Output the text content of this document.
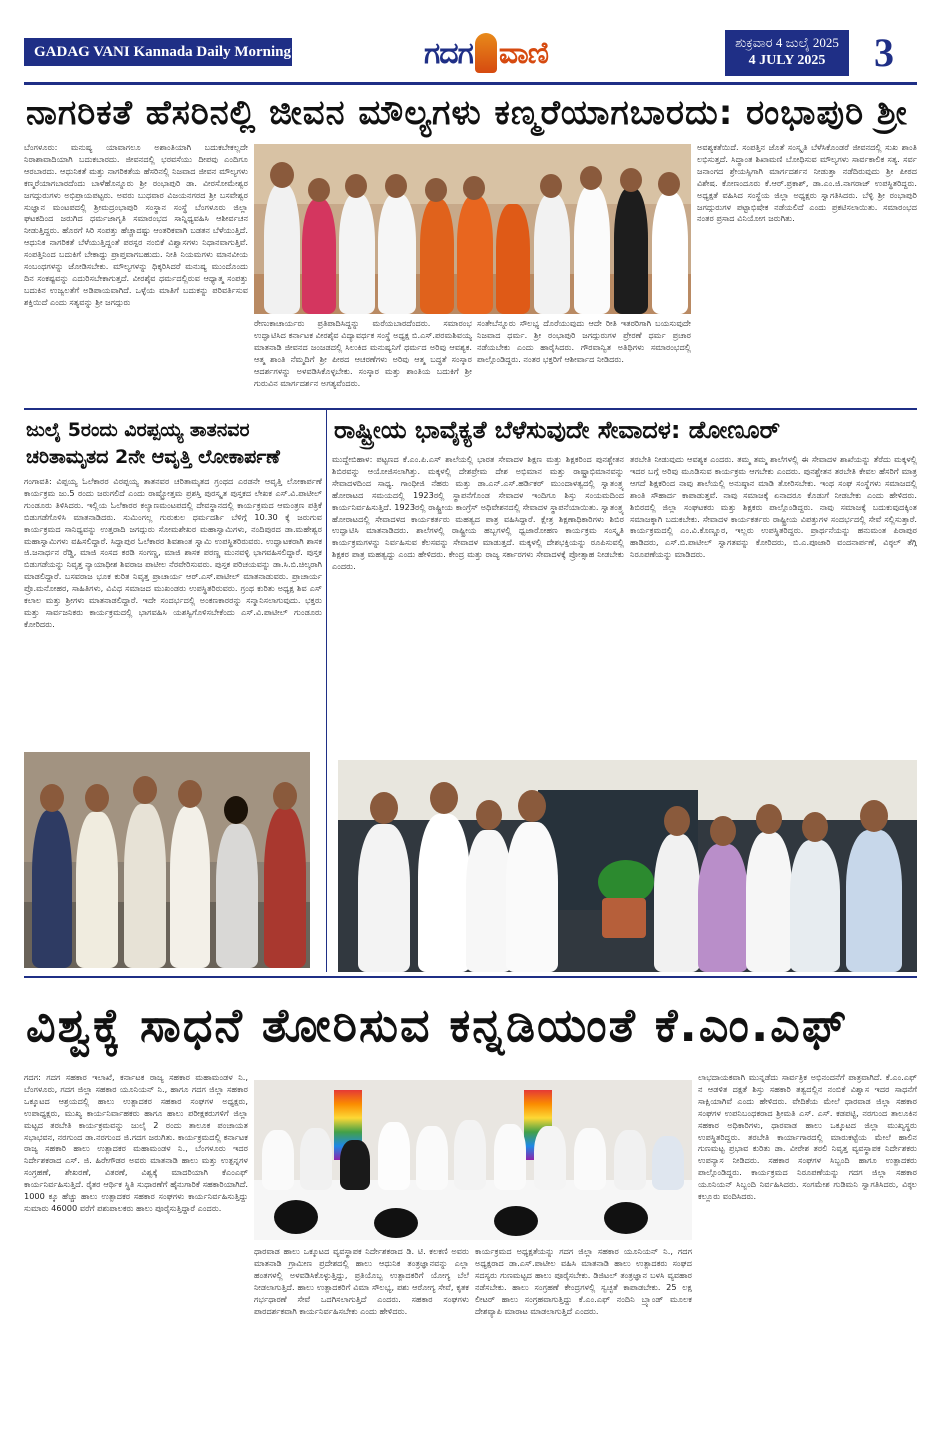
GADAG VANI Kannada Daily Morning	ಗದಗ ವಾಣಿ	ಶುಕ್ರವಾರ 4 ಜುಲೈ 2025
4 JULY 2025	3
ನಾಗರಿಕತೆ ಹೆಸರಿನಲ್ಲಿ ಜೀವನ ಮೌಲ್ಯಗಳು ಕಣ್ಮರೆಯಾಗಬಾರದು: ರಂಭಾಪುರಿ ಶ್ರೀ
ಬೆಂಗಳೂರು: ಮನುಷ್ಯ ಯಾವಾಗಲೂ ಅಶಾಂತಿಯಾಗಿ ಬದುಕಬೇಕಲ್ಲದೇ ನಿರಾಶಾವಾದಿಯಾಗಿ ಬದುಕಬಾರದು. ಜೀವನದಲ್ಲಿ ಭರವಸೆಯು ದೀಪವು ಎಂದಿಗೂ ಆರಬಾರದು. ಆಧುನಿಕತೆ ಮತ್ತು ನಾಗರಿಕತೆಯ ಹೆಸರಿನಲ್ಲಿ ನಿಜವಾದ ಜೀವನ ಮೌಲ್ಯಗಳು ಕಣ್ಮರೆಯಾಗಬಾರದೆಂದು ಬಾಳೆಹೊನ್ನೂರು ಶ್ರೀ ರಂಭಾಪುರಿ ಡಾ. ವೀರಸೋಮೇಶ್ವರ ಜಗದ್ಗುರುಗಳು ಅಭಿಪ್ರಾಯಪಟ್ಟರು. ಅವರು ಬುಧವಾರ ವಿಜಯನಗರದ ಶ್ರೀ ಬಸವೇಶ್ವರ ಸುಜ್ಞಾನ ಮಂಟಪದಲ್ಲಿ ಶ್ರೀಮದ್ರಂಭಾಪುರಿ ಸಂಸ್ಥಾನ ಸಂಸ್ಥೆ ಬೆಂಗಳೂರು ಜಿಲ್ಲಾ ಘಟಕದಿಂದ ಜರುಗಿದ ಧರ್ಮಜಾಗೃತಿ ಸಮಾರಂಭದ ಸಾನ್ನಿಧ್ಯವಹಿಸಿ ಆಶೀರ್ವಚನ ನೀಡುತ್ತಿದ್ದರು. ಹೊರಗೆ ಸಿರಿ ಸಂಪತ್ತು ಹೆಚ್ಚಾದಷ್ಟು ಆಂತರಿಕವಾಗಿ ಬಡತನ ಬೆಳೆಯುತ್ತಿದೆ. ಆಧುನಿಕ ನಾಗರಿಕತೆ ಬೆಳೆಯುತ್ತಿದ್ದಂತೆ ಪರಸ್ಪರ ನಂಬಿಕೆ ವಿಶ್ವಾಸಗಳು ನಿಧಾನವಾಗುತ್ತಿವೆ. ಸಂಪತ್ತಿನಿಂದ ಬದುಕಿಗೆ ಬೇಕಾದ್ದು ಪ್ರಾಪ್ತವಾಗಬಹುದು. ನೀತಿ ನಿಯಮಗಳು ಮಾನವೀಯ ಸಂಬಂಧಗಳನ್ನು ಜೋಡಿಸಬೇಕು. ಮೌಲ್ಯಗಳನ್ನು ಧಿಕ್ಕರಿಸಿದರೆ ಮನುಷ್ಯ ಮುಂದೊಂದು ದಿನ ಸಂಕಷ್ಟವನ್ನು ಎದುರಿಸಬೇಕಾಗುತ್ತದೆ. ವೀರಶೈವ ಧರ್ಮದಲ್ಲಿರುವ ಆಧ್ಯಾತ್ಮ ಸಂಪತ್ತು ಬದುಕಿನ ಉಜ್ವಲತೆಗೆ ಅಡಿಪಾಯವಾಗಿದೆ. ಒಳ್ಳೆಯ ಮಾತಿಗೆ ಬದುಕನ್ನು ಪರಿವರ್ತಿಸುವ ಶಕ್ತಿಯಿದೆ ಎಂದು ಸತ್ಯವನ್ನು ಶ್ರೀ ಜಗದ್ಗುರು
ರೇಣುಕಾಚಾರ್ಯರು ಪ್ರತಿಪಾದಿಸಿದ್ದನ್ನು ಮರೆಯಬಾರದೆಂದರು. ಸಮಾರಂಭ ಉದ್ಘಾಟಿಸಿದ ಕರ್ನಾಟಕ ವೀರಶೈವ ವಿದ್ಯಾವರ್ಧಕ ಸಂಸ್ಥೆ ಅಧ್ಯಕ್ಷ ಬಿ.ಎಸ್.ಪರಮಶಿವಯ್ಯ ಮಾತನಾಡಿ ಜೀವನದ ಜಂಜಡದಲ್ಲಿ ಸಿಲುಕಿದ ಮನುಷ್ಯನಿಗೆ ಧರ್ಮದ ಅರಿವು ಆವಶ್ಯಕ. ಆತ್ಮ ಶಾಂತಿ ನೆಮ್ಮದಿಗೆ ಶ್ರೀ ಪೀಠದ ಆಚರಣೆಗಳು ಅರಿವು ಆತ್ಮ ಬದ್ಧತೆ ಸಂಸ್ಕಾರ ಆದರ್ಶಗಳನ್ನು ಅಳವಡಿಸಿಕೊಳ್ಳಬೇಕು. ಸಂಸ್ಕಾರ ಮತ್ತು ಶಾಂತಿಯ ಬದುಕಿಗೆ ಶ್ರೀ ಗುರುವಿನ ಮಾರ್ಗದರ್ಶನ ಅಗತ್ಯವೆಂದರು.
ಸಂತೇಬೆನ್ನೂರು ಸೌಲಭ್ಯ ದೊರೆಯುವುದು ಆದೇ ರೀತಿ ಇತರರಿಗಾಗಿ ಬಯಸುವುದೇ ನಿಜವಾದ ಧರ್ಮ. ಶ್ರೀ ರಂಭಾಪುರಿ ಜಗದ್ಗುರುಗಳ ಪ್ರೇರಣೆ ಧರ್ಮ ಪ್ರಚಾರ ನಡೆಯಬೇಕು ಎಂದು ಹಾರೈಸಿದರು. ಗೌರವಾನ್ವಿತ ಅತಿಥಿಗಳು ಸಮಾರಂಭದಲ್ಲಿ ಪಾಲ್ಗೊಂಡಿದ್ದರು. ನಂತರ ಭಕ್ತರಿಗೆ ಆಶೀರ್ವಾದ ನೀಡಿದರು.
ಅವಶ್ಯಕತೆಯಿದೆ. ಸಂಪತ್ತಿನ ಜೊತೆ ಸಂಸ್ಕೃತಿ ಬೆಳೆಸಿಕೊಂಡರೆ ಜೀವನದಲ್ಲಿ ಸುಖ ಶಾಂತಿ ಲಭಿಸುತ್ತದೆ. ಸಿದ್ಧಾಂತ ಶಿಖಾಮಣಿ ಬೋಧಿಸುವ ಮೌಲ್ಯಗಳು ಸಾರ್ವಕಾಲಿಕ ಸತ್ಯ. ಸರ್ವ ಜನಾಂಗದ ಶ್ರೇಯಸ್ಸಿಗಾಗಿ ಮಾರ್ಗದರ್ಶನ ನೀಡುತ್ತಾ ನಡೆದಿರುವುದು ಶ್ರೀ ಪೀಠದ ವಿಶೇಷ. ಕೋಣಂದೂರು ಕೆ.ಆರ್.ಪ್ರಕಾಶ್, ಡಾ.ಎಂ.ಜಿ.ನಾಗರಾಜ್ ಉಪಸ್ಥಿತರಿದ್ದರು. ಅಧ್ಯಕ್ಷತೆ ವಹಿಸಿದ ಸಂಸ್ಥೆಯ ಜಿಲ್ಲಾ ಅಧ್ಯಕ್ಷರು ಸ್ವಾಗತಿಸಿದರು. ಬೆಳ್ಳಿ ಶ್ರೀ ರಂಭಾಪುರಿ ಜಗದ್ಗುರುಗಳ ಪಟ್ಟಾಭಿಷೇಕ ನಡೆಯಲಿದೆ ಎಂದು ಪ್ರಕಟಿಸಲಾಯಿತು. ಸಮಾರಂಭದ ನಂತರ ಪ್ರಸಾದ ವಿನಿಯೋಗ ಜರುಗಿತು.
ಜುಲೈ 5ರಂದು ವಿರಪ್ಪಯ್ಯ ತಾತನವರ
ಚರಿತಾಮೃತದ 2ನೇ ಆವೃತ್ತಿ ಲೋಕಾರ್ಪಣೆ
ಗಂಗಾವತಿ: ವಿಪ್ಪಯ್ಯ ಓಲೆಕಾರರ ವಿರಪ್ಪಯ್ಯ ತಾತನವರ ಚರಿತಾಮೃತದ ಗ್ರಂಥದ ಎರಡನೇ ಆವೃತ್ತಿ ಲೋಕಾರ್ಪಣೆ ಕಾರ್ಯಕ್ರಮ ಜು.5 ರಂದು ಜರುಗಲಿದೆ ಎಂದು ರಾಷ್ಟ್ರೋತ್ತಮ ಪ್ರಶಸ್ತಿ ಪುರಸ್ಕೃತ ಪುಸ್ತಕದ ಲೇಖಕ ಎಸ್.ವಿ.ಪಾಟೀಲ್ ಗುಂಡೂರು ತಿಳಿಸಿದರು. ಇಲ್ಲಿಯ ಓಲೆಕಾರರ ಕಲ್ಯಾಣಮಂಟಪದಲ್ಲಿ ದೇವಸ್ಥಾನದಲ್ಲಿ ಕಾರ್ಯಕ್ರಮದ ಆಮಂತ್ರಣ ಪತ್ರಿಕೆ ಬಿಡುಗಡೆಗೊಳಿಸಿ ಮಾತನಾಡಿದರು. ಸುಮಿಂಗಲ್ಲ ಗುರುಕುಲ ಧರ್ಮದರ್ಶಿ ಬೆಳಿಗ್ಗೆ 10.30 ಕ್ಕೆ ಜರುಗುವ ಕಾರ್ಯಕ್ರಮದ ಸಾನಿಧ್ಯವನ್ನು ಉತ್ತರಾದಿ ಜಗದ್ಗುರು ಸೋಮಶೇಖರ ಮಹಾಸ್ವಾಮಿಗಳು, ನಂದಿಪುರದ ಡಾ.ಮಹೇಶ್ವರ ಮಹಾಸ್ವಾಮಿಗಳು ವಹಿಸಲಿದ್ದಾರೆ. ಸಿದ್ದಾಪುರ ಓಲೆಕಾರರ ಶಿವಶಾಂತ ಸ್ವಾಮಿ ಉಪಸ್ಥಿತರಿರುವರು. ಉದ್ಘಾಟಕರಾಗಿ ಶಾಸಕ ಜಿ.ಜನಾರ್ಧನ ರೆಡ್ಡಿ, ಮಾಜಿ ಸಂಸದ ಕರಡಿ ಸಂಗಣ್ಣ, ಮಾಜಿ ಶಾಸಕ ಪರಣ್ಣ ಮುನವಳ್ಳಿ ಭಾಗವಹಿಸಲಿದ್ದಾರೆ. ಪುಸ್ತಕ ಬಿಡುಗಡೆಯನ್ನು ನಿವೃತ್ತ ನ್ಯಾಯಾಧೀಶ ಶಿವರಾಜ ಪಾಟೀಲ ನೆರವೇರಿಸುವರು. ಪುಸ್ತಕ ಪರಿಚಯವನ್ನು ಡಾ.ಸಿ.ಬಿ.ಚಿಲ್ಕರಾಗಿ ಮಾಡಲಿದ್ದಾರೆ. ಬಸವರಾಜ ಭೂಕ ಕುರಿತ ನಿವೃತ್ತ ಪ್ರಾಚಾರ್ಯ ಆರ್.ಎಸ್.ಪಾಟೀಲ್ ಮಾತನಾಡುವರು. ಪ್ರಾಚಾರ್ಯ ಪ್ರೊ.ಮನೋಹರ, ಸಾಹಿತಿಗಳು, ವಿವಿಧ ಸಮಾಜದ ಮುಖಂಡರು ಉಪಸ್ಥಿತರಿರುವರು. ಗ್ರಂಥ ಕುರಿತು ಅಧ್ಯಕ್ಷ ಶಿವ ಎಸ್ ಕಲಾಲ ಮತ್ತು ಶ್ರೀಗಳು ಮಾತನಾಡಲಿದ್ದಾರೆ. ಇದೇ ಸಂದರ್ಭದಲ್ಲಿ ಅಂಕಣಕಾರರನ್ನು ಸನ್ಮಾನಿಸಲಾಗುವುದು. ಭಕ್ತರು ಮತ್ತು ಸಾರ್ವಜನಿಕರು ಕಾರ್ಯಕ್ರಮದಲ್ಲಿ ಭಾಗವಹಿಸಿ ಯಶಸ್ವಿಗೊಳಿಸಬೇಕೆಂದು ಎಸ್.ವಿ.ಪಾಟೀಲ್ ಗುಂಡೂರು ಕೋರಿದರು.
ರಾಷ್ಟ್ರೀಯ ಭಾವೈಕ್ಯತೆ ಬೆಳೆಸುವುದೇ ಸೇವಾದಳ: ಡೋಣೂರ್
ಮುದ್ದೇಬಿಹಾಳ: ಪಟ್ಟಣದ ಕೆ.ಎಂ.ಪಿ.ಎಸ್ ಶಾಲೆಯಲ್ಲಿ ಭಾರತ ಸೇವಾದಳ ಶಿಕ್ಷಣ ಮತ್ತು ಶಿಕ್ಷಕರಿಂದ ಪುನಶ್ಚೇತನ ಶಿಬಿರವನ್ನು ಆಯೋಜಿಸಲಾಗಿತ್ತು. ಮಕ್ಕಳಲ್ಲಿ ದೇಶಪ್ರೇಮ ದೇಶ ಅಭಿಮಾನ ಮತ್ತು ರಾಷ್ಟ್ರಾಭಿಮಾನವನ್ನು ಸೇವಾದಳದಿಂದ ಸಾಧ್ಯ. ಗಾಂಧೀಜಿ ನೆಹರು ಮತ್ತು ಡಾ.ಎನ್.ಎಸ್.ಹರ್ಡಿಕರ್ ಮುಂದಾಳತ್ವದಲ್ಲಿ ಸ್ವಾತಂತ್ರ್ಯ ಹೋರಾಟದ ಸಮಯದಲ್ಲಿ 1923ರಲ್ಲಿ ಸ್ಥಾಪನೆಗೊಂಡ ಸೇವಾದಳ ಇಂದಿಗೂ ಶಿಸ್ತು ಸಂಯಮದಿಂದ ಕಾರ್ಯನಿರ್ವಹಿಸುತ್ತಿದೆ. 1923ರಲ್ಲಿ ರಾಷ್ಟ್ರೀಯ ಕಾಂಗ್ರೆಸ್ ಅಧಿವೇಶನದಲ್ಲಿ ಸೇವಾದಳ ಸ್ಥಾಪನೆಯಾಯಿತು. ಸ್ವಾತಂತ್ರ್ಯ ಹೋರಾಟದಲ್ಲಿ ಸೇವಾದಳದ ಕಾರ್ಯಕರ್ತರು ಮಹತ್ವದ ಪಾತ್ರ ವಹಿಸಿದ್ದಾರೆ. ಕ್ಷೇತ್ರ ಶಿಕ್ಷಣಾಧಿಕಾರಿಗಳು ಶಿಬಿರ ಉದ್ಘಾಟಿಸಿ ಮಾತನಾಡಿದರು. ಶಾಲೆಗಳಲ್ಲಿ ರಾಷ್ಟ್ರೀಯ ಹಬ್ಬಗಳಲ್ಲಿ ಧ್ವಜಾರೋಹಣ ಕಾರ್ಯಕ್ರಮ ಸಂಸ್ಕೃತಿ ಕಾರ್ಯಕ್ರಮಗಳನ್ನು ನಿರ್ವಹಿಸುವ ಕೆಲಸವನ್ನು ಸೇವಾದಳ ಮಾಡುತ್ತದೆ. ಮಕ್ಕಳಲ್ಲಿ ದೇಶಭಕ್ತಿಯನ್ನು ರೂಪಿಸುವಲ್ಲಿ ಶಿಕ್ಷಕರ ಪಾತ್ರ ಮಹತ್ವದ್ದು ಎಂದು ಹೇಳಿದರು. ಕೇಂದ್ರ ಮತ್ತು ರಾಜ್ಯ ಸರ್ಕಾರಗಳು ಸೇವಾದಳಕ್ಕೆ ಪ್ರೋತ್ಸಾಹ ನೀಡಬೇಕು ಎಂದರು.
ತರಬೇತಿ ನೀಡುವುದು ಆವಶ್ಯಕ ಎಂದರು. ತಮ್ಮ ತಮ್ಮ ಶಾಲೆಗಳಲ್ಲಿ ಈ ಸೇವಾದಳ ಶಾಖೆಯನ್ನು ತೆರೆದು ಮಕ್ಕಳಲ್ಲಿ ಇದರ ಬಗ್ಗೆ ಅರಿವು ಮೂಡಿಸುವ ಕಾರ್ಯಕ್ರಮ ಆಗಬೇಕು ಎಂದರು. ಪುನಶ್ಚೇತನ ತರಬೇತಿ ಕೇವಲ ಹೆಸರಿಗೆ ಮಾತ್ರ ಆಗದೆ ಶಿಕ್ಷಕರಿಂದ ನಾವು ಶಾಲೆಯಲ್ಲಿ ಅನುಷ್ಠಾನ ಮಾಡಿ ತೋರಿಸಬೇಕು. ಇಂಥ ಸಂಘ ಸಂಸ್ಥೆಗಳು ಸಮಾಜದಲ್ಲಿ ಶಾಂತಿ ಸೌಹಾರ್ದ ಕಾಪಾಡುತ್ತವೆ. ನಾವು ಸಮಾಜಕ್ಕೆ ಏನಾದರೂ ಕೊಡುಗೆ ನೀಡಬೇಕು ಎಂದು ಹೇಳಿದರು. ಶಿಬಿರದಲ್ಲಿ ಜಿಲ್ಲಾ ಸಂಘಟಕರು ಮತ್ತು ಶಿಕ್ಷಕರು ಪಾಲ್ಗೊಂಡಿದ್ದರು. ನಾವು ಸಮಾಜಕ್ಕೆ ಬದುಕುವುದಕ್ಕಿಂತ ಸಮಾಜಕ್ಕಾಗಿ ಬದುಕಬೇಕು. ಸೇವಾದಳ ಕಾರ್ಯಕರ್ತರು ರಾಷ್ಟ್ರೀಯ ವಿಪತ್ತುಗಳ ಸಂದರ್ಭದಲ್ಲಿ ಸೇವೆ ಸಲ್ಲಿಸುತ್ತಾರೆ. ಕಾರ್ಯಕ್ರಮದಲ್ಲಿ ಎಂ.ವಿ.ಕೊಣ್ಣೂರ, ಇಲ್ಲರು ಉಪಸ್ಥಿತರಿದ್ದರು. ಪ್ರಾರ್ಥನೆಯನ್ನು ಹನುಮಂತ ಪಿರಾಪುರ ಹಾಡಿದರು, ಎಸ್.ಬಿ.ಪಾಟೀಲ್ ಸ್ವಾಗತವನ್ನು ಕೋರಿದರು, ಬಿ.ಎ.ಪೂಜಾರಿ ವಂದನಾರ್ಪಣೆ, ವಿಠ್ಠಲ್ ತೆಗ್ಗಿ ನಿರೂಪಣೆಯನ್ನು ಮಾಡಿದರು.
ವಿಶ್ವಕ್ಕೆ ಸಾಧನೆ ತೋರಿಸುವ ಕನ್ನಡಿಯಂತೆ ಕೆ.ಎಂ.ಎಫ್
ಗದಗ: ಗದಗ ಸಹಕಾರ ಇಲಾಖೆ, ಕರ್ನಾಟಕ ರಾಜ್ಯ ಸಹಕಾರ ಮಹಾಮಂಡಳ ನಿ., ಬೆಂಗಳೂರು, ಗದಗ ಜಿಲ್ಲಾ ಸಹಕಾರ ಯೂನಿಯನ್ ನಿ., ಹಾಗೂ ಗದಗ ಜಿಲ್ಲಾ ಸಹಕಾರ ಒಕ್ಕೂಟದ ಆಶ್ರಯದಲ್ಲಿ ಹಾಲು ಉತ್ಪಾದಕರ ಸಹಕಾರ ಸಂಘಗಳ ಅಧ್ಯಕ್ಷರು, ಉಪಾಧ್ಯಕ್ಷರು, ಮುಖ್ಯ ಕಾರ್ಯನಿರ್ವಾಹಕರು ಹಾಗೂ ಹಾಲು ಪರೀಕ್ಷಕರುಗಳಿಗೆ ಜಿಲ್ಲಾ ಮಟ್ಟದ ತರಬೇತಿ ಕಾರ್ಯಕ್ರಮವನ್ನು ಜುಲೈ 2 ರಂದು ತಾಲೂಕ ಪಂಚಾಯತ ಸಭಾಭವನ, ನರಗುಂದ ಡಾ.ನರಗುಂದ ಜಿ.ಗದಗ ಜರುಗಿತು. ಕಾರ್ಯಕ್ರಮದಲ್ಲಿ ಕರ್ನಾಟಕ ರಾಜ್ಯ ಸಹಕಾರಿ ಹಾಲು ಉತ್ಪಾದಕರ ಮಹಾಮಂಡಳ ನಿ., ಬೆಂಗಳೂರು ಇದರ ನಿರ್ದೇಶಕರಾದ ಎಸ್. ಜಿ. ಹಿರೇಗೌಡರ ಅವರು ಮಾತನಾಡಿ ಹಾಲು ಮತ್ತು ಉತ್ಪನ್ನಗಳ ಸಂಗ್ರಹಣೆ, ಶೇಖರಣೆ, ವಿತರಣೆ, ವಿಶ್ವಕ್ಕೆ ಮಾದರಿಯಾಗಿ ಕೆಎಂಎಫ್ ಕಾರ್ಯನಿರ್ವಹಿಸುತ್ತಿದೆ. ರೈತರ ಆರ್ಥಿಕ ಸ್ಥಿತಿ ಸುಧಾರಣೆಗೆ ಹೈನುಗಾರಿಕೆ ಸಹಕಾರಿಯಾಗಿದೆ. 1000 ಕ್ಕೂ ಹೆಚ್ಚು ಹಾಲು ಉತ್ಪಾದಕರ ಸಹಕಾರ ಸಂಘಗಳು ಕಾರ್ಯನಿರ್ವಹಿಸುತ್ತಿದ್ದು ಸುಮಾರು 46000 ವರೆಗೆ ಪಶುಪಾಲಕರು ಹಾಲು ಪೂರೈಸುತ್ತಿದ್ದಾರೆ ಎಂದರು.
ಧಾರವಾಡ ಹಾಲು ಒಕ್ಕೂಟದ ವ್ಯವಸ್ಥಾಪಕ ನಿರ್ದೇಶಕರಾದ ಡಿ. ಟಿ. ಕಲಕಣಿ ಅವರು ಮಾತನಾಡಿ ಗ್ರಾಮೀಣ ಪ್ರದೇಶದಲ್ಲಿ ಹಾಲು ಆಧುನಿಕ ತಂತ್ರಜ್ಞಾನವನ್ನು ಎಲ್ಲಾ ಹಂತಗಳಲ್ಲಿ ಅಳವಡಿಸಿಕೊಳ್ಳುತ್ತಿದ್ದು, ಪ್ರತಿಯೊಬ್ಬ ಉತ್ಪಾದಕರಿಗೆ ಯೋಗ್ಯ ಬೆಲೆ ನೀಡಲಾಗುತ್ತಿದೆ. ಹಾಲು ಉತ್ಪಾದಕರಿಗೆ ವಿಮಾ ಸೌಲಭ್ಯ, ಪಶು ಆರೋಗ್ಯ ಸೇವೆ, ಕೃತಕ ಗರ್ಭಧಾರಣೆ ಸೇವೆ ಒದಗಿಸಲಾಗುತ್ತಿದೆ ಎಂದರು. ಸಹಕಾರ ಸಂಘಗಳು ಪಾರದರ್ಶಕವಾಗಿ ಕಾರ್ಯನಿರ್ವಹಿಸಬೇಕು ಎಂದು ಹೇಳಿದರು.
ಕಾರ್ಯಕ್ರಮದ ಅಧ್ಯಕ್ಷತೆಯನ್ನು ಗದಗ ಜಿಲ್ಲಾ ಸಹಕಾರ ಯೂನಿಯನ್ ನಿ., ಗದಗ ಅಧ್ಯಕ್ಷರಾದ ಡಾ.ಎಸ್.ಪಾಟೀಲ ವಹಿಸಿ ಮಾತನಾಡಿ ಹಾಲು ಉತ್ಪಾದಕರು ಸಂಘದ ಸದಸ್ಯರು ಗುಣಮಟ್ಟದ ಹಾಲು ಪೂರೈಸಬೇಕು. ಡಿಜಿಟಲ್ ತಂತ್ರಜ್ಞಾನ ಬಳಸಿ ವ್ಯವಹಾರ ನಡೆಸಬೇಕು. ಹಾಲು ಸಂಗ್ರಹಣೆ ಕೇಂದ್ರಗಳಲ್ಲಿ ಸ್ವಚ್ಛತೆ ಕಾಪಾಡಬೇಕು. 25 ಲಕ್ಷ ಲೀಟರ್ ಹಾಲು ಸಂಗ್ರಹವಾಗುತ್ತಿದ್ದು ಕೆ.ಎಂ.ಎಫ್ ನಂದಿನಿ ಬ್ರ್ಯಾಂಡ್ ಮೂಲಕ ದೇಶವ್ಯಾಪಿ ಮಾರಾಟ ಮಾಡಲಾಗುತ್ತಿದೆ ಎಂದರು.
ಲಾಭದಾಯಕವಾಗಿ ಮುನ್ನಡೆದು ಸಾರ್ವತ್ರಿಕ ಅಭಿನಂದನೆಗೆ ಪಾತ್ರವಾಗಿದೆ. ಕೆ.ಎಂ.ಎಫ್ ನ ಆಡಳಿತ ದಕ್ಷತೆ ಶಿಸ್ತು ಸಹಕಾರಿ ತತ್ವದಲ್ಲಿನ ನಂಬಿಕೆ ವಿಶ್ವಾಸ ಇದರ ಸಾಧನೆಗೆ ಸಾಕ್ಷಿಯಾಗಿವೆ ಎಂದು ಹೇಳಿದರು. ವೇದಿಕೆಯ ಮೇಲೆ ಧಾರವಾಡ ಜಿಲ್ಲಾ ಸಹಕಾರ ಸಂಘಗಳ ಉಪನಿಬಂಧಕರಾದ ಶ್ರೀಮತಿ ಎಸ್. ಎಸ್. ಕಡಪಟ್ಟಿ, ನರಗುಂದ ತಾಲೂಕಿನ ಸಹಕಾರ ಅಧಿಕಾರಿಗಳು, ಧಾರವಾಡ ಹಾಲು ಒಕ್ಕೂಟದ ಜಿಲ್ಲಾ ಮುಖ್ಯಸ್ಥರು ಉಪಸ್ಥಿತರಿದ್ದರು. ತರಬೇತಿ ಕಾರ್ಯಾಗಾರದಲ್ಲಿ ಮಾರುಕಟ್ಟೆಯ ಮೇಲೆ ಹಾಲಿನ ಗುಣಮಟ್ಟ ಪ್ರಭಾವ ಕುರಿತು ಡಾ. ವೀರೇಶ ತರಲಿ ನಿವೃತ್ತ ವ್ಯವಸ್ಥಾಪಕ ನಿರ್ದೇಶಕರು ಉಪನ್ಯಾಸ ನೀಡಿದರು. ಸಹಕಾರ ಸಂಘಗಳ ಸಿಬ್ಬಂದಿ ಹಾಗೂ ಉತ್ಪಾದಕರು ಪಾಲ್ಗೊಂಡಿದ್ದರು. ಕಾರ್ಯಕ್ರಮದ ನಿರೂಪಣೆಯನ್ನು ಗದಗ ಜಿಲ್ಲಾ ಸಹಕಾರ ಯೂನಿಯನ್ ಸಿಬ್ಬಂದಿ ನಿರ್ವಹಿಸಿದರು. ಸಂಗಮೇಶ ಗುಡಿಮನಿ ಸ್ವಾಗತಿಸಿದರು, ವಿಠ್ಠಲ ಕಲ್ಲೂರು ವಂದಿಸಿದರು.
